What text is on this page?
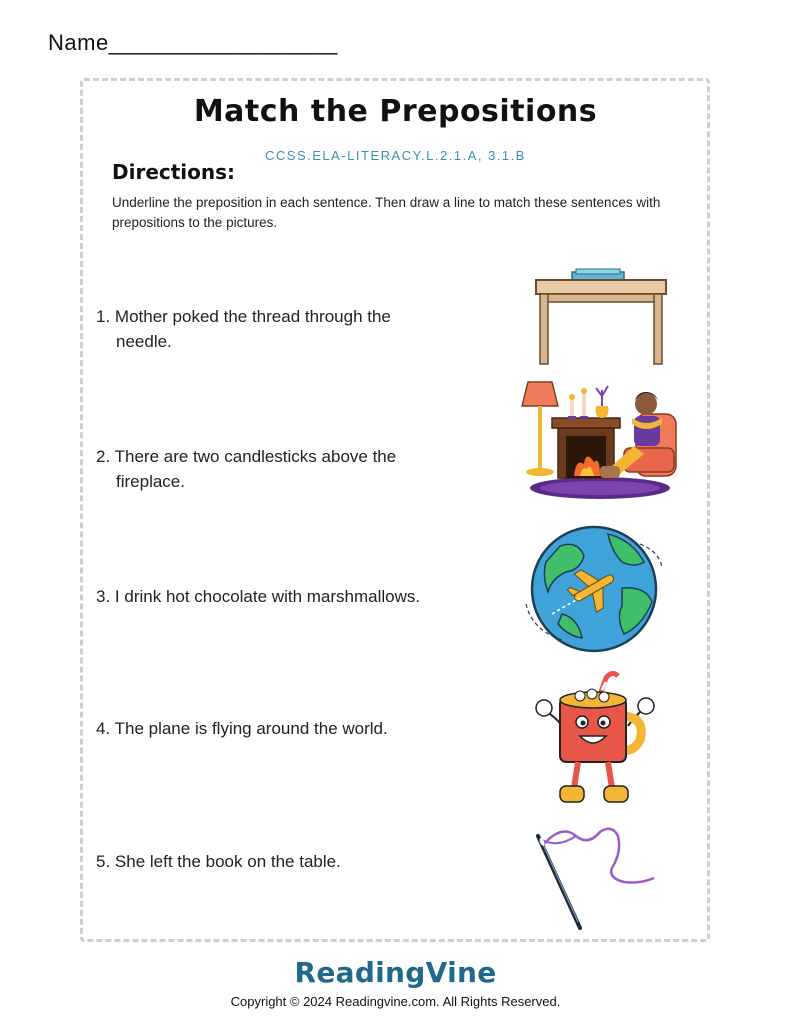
Name__________________
Match the Prepositions
CCSS.ELA-LITERACY.L.2.1.A, 3.1.B
Directions:
Underline the preposition in each sentence. Then draw a line to match these sentences with prepositions to the pictures.
1. Mother poked the thread through the
needle.
2. There are two candlesticks above the
fireplace.
3. I drink hot chocolate with marshmallows.
4. The plane is flying around the world.
5. She left the book on the table.
ReadingVine
Copyright © 2024 Readingvine.com. All Rights Reserved.
